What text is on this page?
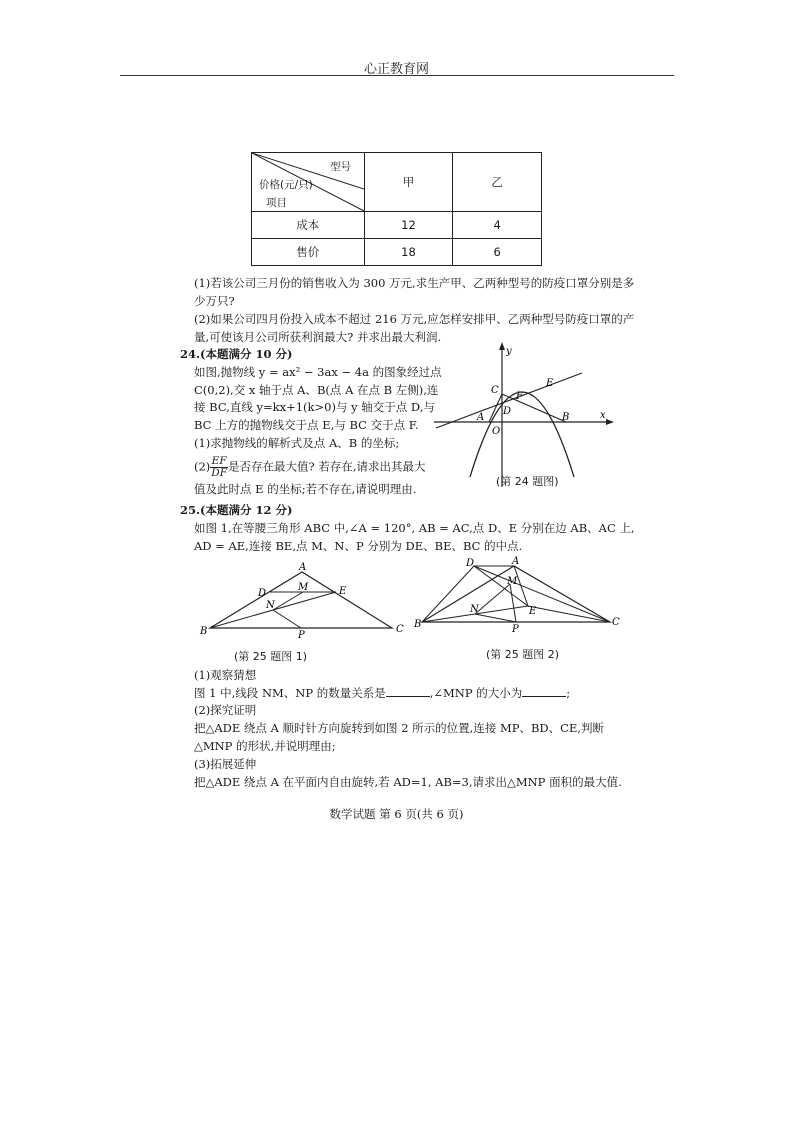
心正教育网
型号
价格(元/只)
项目	甲	乙
成本	12	4
售价	18	6
(1)若该公司三月份的销售收入为 300 万元,求生产甲、乙两种型号的防疫口罩分别是多
少万只?
(2)如果公司四月份投入成本不超过 216 万元,应怎样安排甲、乙两种型号防疫口罩的产
量,可使该月公司所获利润最大? 并求出最大利润.
24.(本题满分 10 分)
如图,抛物线 y = ax² − 3ax − 4a 的图象经过点
C(0,2),交 x 轴于点 A、B(点 A 在点 B 左侧),连
接 BC,直线 y=kx+1(k>0)与 y 轴交于点 D,与
BC 上方的抛物线交于点 E,与 BC 交于点 F.
(1)求抛物线的解析式及点 A、B 的坐标;
$(2) \frac{EF}{DF}$ 是否存在最大值? 若存在,请求出其最大
值及此时点 E 的坐标;若不存在,请说明理由.
y
x
C
E
F
D
A
O
B
(第 24 题图)
25.(本题满分 12 分)
如图 1,在等腰三角形 ABC 中,∠A = 120°, AB = AC,点 D、E 分别在边 AB、AC 上,
AD = AE,连接 BE,点 M、N、P 分别为 DE、BE、BC 的中点.
A
D
M	E
N
B	P
C
D	A
M
N	E
B	P
C
(第 25 题图 1)	(第 25 题图 2)
(1)观察猜想
图 1 中,线段 NM、NP 的数量关系是	,∠MNP 的大小为	;
(2)探究证明
把△ADE 绕点 A 顺时针方向旋转到如图 2 所示的位置,连接 MP、BD、CE,判断
△MNP 的形状,并说明理由;
(3)拓展延伸
把△ADE 绕点 A 在平面内自由旋转,若 AD=1, AB=3,请求出△MNP 面积的最大值.
数学试题 第 6 页(共 6 页)
